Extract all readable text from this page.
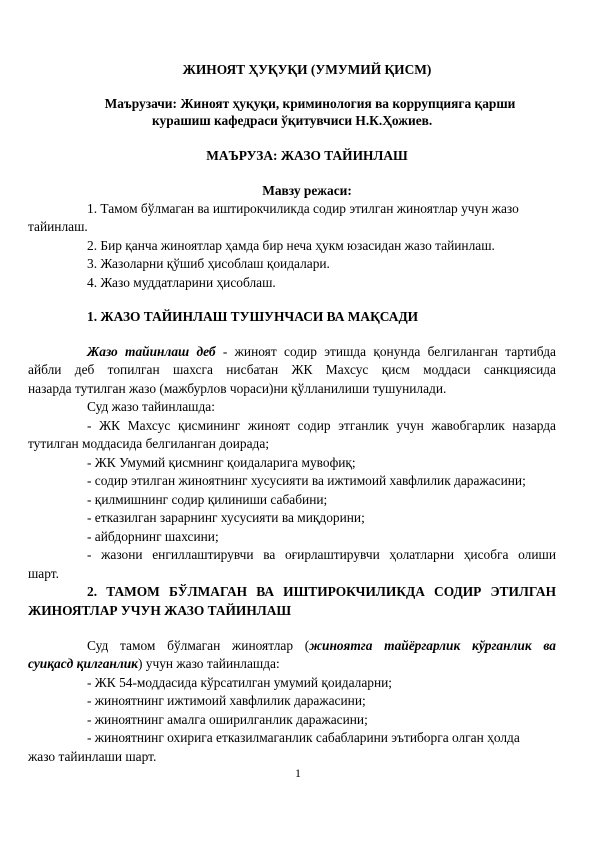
ЖИНОЯТ ҲУҚУҚИ (УМУМИЙ ҚИСМ)
Маърузачи: Жиноят ҳуқуқи, криминология ва коррупцияга қарши
курашиш кафедраси ўқитувчиси Н.К.Ҳожиев.
МАЪРУЗА: ЖАЗО ТАЙИНЛАШ
Мавзу режаси:
1. Тамом бўлмаган ва иштирокчиликда содир этилган жиноятлар учун жазо
тайинлаш.
2. Бир қанча жиноятлар ҳамда бир неча ҳукм юзасидан жазо тайинлаш.
3. Жазоларни қўшиб ҳисоблаш қоидалари.
4. Жазо муддатларини ҳисоблаш.
1. ЖАЗО ТАЙИНЛАШ ТУШУНЧАСИ ВА МАҚСАДИ
Жазо тайинлаш деб - жиноят содир этишда қонунда белгиланган тартибда
айбли деб топилган шахсга нисбатан ЖК Махсус қисм моддаси санкциясида
назарда тутилган жазо (мажбурлов чораси)ни қўлланилиши тушунилади.
Суд жазо тайинлашда:
- ЖК Махсус қисмининг жиноят содир этганлик учун жавобгарлик назарда
тутилган моддасида белгиланган доирада;
- ЖК Умумий қисмнинг қоидаларига мувофиқ;
- содир этилган жиноятнинг хусусияти ва ижтимоий хавфлилик даражасини;
- қилмишнинг содир қилиниши сабабини;
- етказилган зарарнинг хусусияти ва миқдорини;
- айбдорнинг шахсини;
- жазони енгиллаштирувчи ва оғирлаштирувчи ҳолатларни ҳисобга олиши
шарт.
2. ТАМОМ БЎЛМАГАН ВА ИШТИРОКЧИЛИКДА СОДИР ЭТИЛГАН
ЖИНОЯТЛАР УЧУН ЖАЗО ТАЙИНЛАШ
Суд тамом бўлмаган жиноятлар (жиноятга тайёргарлик кўрганлик ва
суиқасд қилганлик) учун жазо тайинлашда:
- ЖК 54-моддасида кўрсатилган умумий қоидаларни;
- жиноятнинг ижтимоий хавфлилик даражасини;
- жиноятнинг амалга оширилганлик даражасини;
- жиноятнинг охирига етказилмаганлик сабабларини эътиборга олган ҳолда
жазо тайинлаши шарт.
1
